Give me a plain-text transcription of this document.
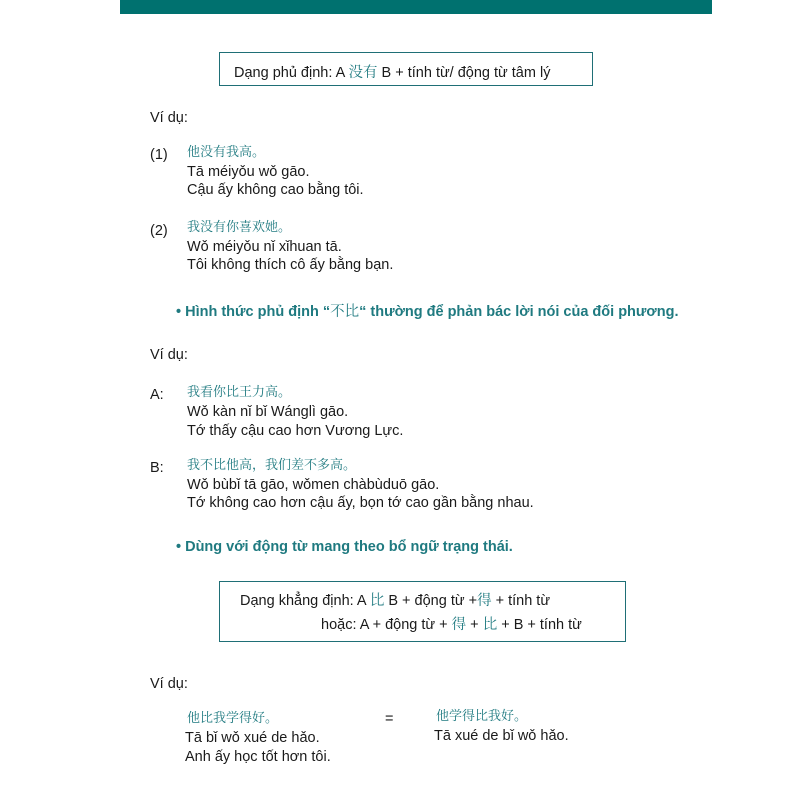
Dạng phủ định: A 没有 B + tính từ/ động từ tâm lý
Ví dụ:
(1) 他没有我高。
Tā méiyǒu wǒ gāo.
Cậu ấy không cao bằng tôi.
(2) 我没有你喜欢她。
Wǒ méiyǒu nǐ xǐhuan tā.
Tôi không thích cô ấy bằng bạn.
• Hình thức phủ định “不比“ thường để phản bác lời nói của đối phương.
Ví dụ:
A: 我看你比王力高。
Wǒ kàn nǐ bǐ Wánglì gāo.
Tớ thấy cậu cao hơn Vương Lực.
B: 我不比他高，我们差不多高。
Wǒ bùbǐ tā gāo, wǒmen chàbùduō gāo.
Tớ không cao hơn cậu ấy, bọn tớ cao gần bằng nhau.
• Dùng với động từ mang theo bổ ngữ trạng thái.
Dạng khẳng định: A 比 B + động từ +得 + tính từ
hoặc: A + động từ + 得 + 比 + B + tính từ
Ví dụ:
他比我学得好。
Tā bǐ wǒ xué de hǎo.
Anh ấy học tốt hơn tôi.
=	他学得比我好。
Tā xué de bǐ wǒ hǎo.
